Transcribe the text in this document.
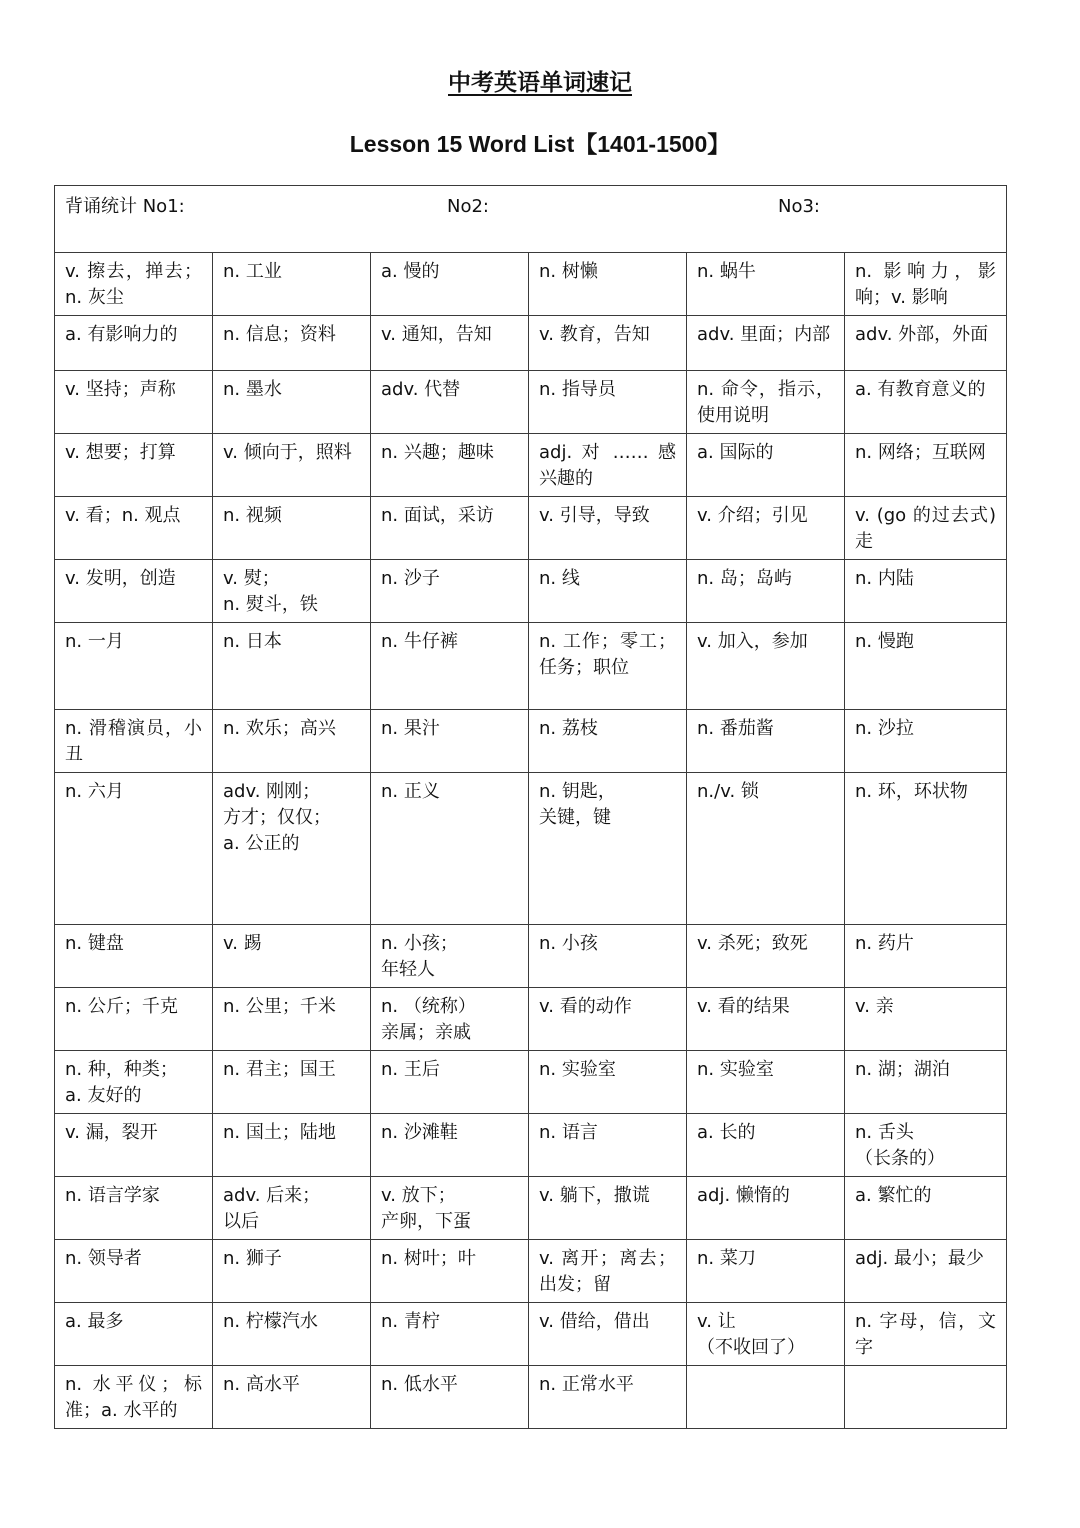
中考英语单词速记
Lesson 15 Word List【1401-1500】
背诵统计 No1: No2: No3:					

v. 擦去，掸去；n. 灰尘	n. 工业	a. 慢的	n. 树懒	n. 蜗牛	n. 影响力，影响；v. 影响

a. 有影响力的	n. 信息；资料	v. 通知，告知	v. 教育，告知	adv. 里面；内部	adv. 外部，外面

v. 坚持；声称	n. 墨水	adv. 代替	n. 指导员	n. 命令，指示，使用说明	a. 有教育意义的

v. 想要；打算	v. 倾向于，照料	n. 兴趣；趣味	adj. 对 …… 感兴趣的	a. 国际的	n. 网络；互联网

v. 看；n. 观点	n. 视频	n. 面试，采访	v. 引导，导致	v. 介绍；引见	v. (go 的过去式) 走

v. 发明，创造	v. 熨；
n. 熨斗，铁	n. 沙子	n. 线	n. 岛；岛屿	n. 内陆

n. 一月	n. 日本	n. 牛仔裤	n. 工作；零工；任务；职位	v. 加入，参加	n. 慢跑

n. 滑稽演员，小丑	n. 欢乐；高兴	n. 果汁	n. 荔枝	n. 番茄酱	n. 沙拉

n. 六月	adv. 刚刚；
方才；仅仅；
a. 公正的	n. 正义	n. 钥匙，
关键，键	n./v. 锁	n. 环，环状物

n. 键盘	v. 踢	n. 小孩；
年轻人	n. 小孩	v. 杀死；致死	n. 药片

n. 公斤；千克	n. 公里；千米	n. （统称）
亲属；亲戚	v. 看的动作	v. 看的结果	v. 亲

n. 种，种类；
a. 友好的	n. 君主；国王	n. 王后	n. 实验室	n. 实验室	n. 湖；湖泊

v. 漏，裂开	n. 国土；陆地	n. 沙滩鞋	n. 语言	a. 长的	n. 舌头
（长条的）

n. 语言学家	adv. 后来；
以后	v. 放下；
产卵，下蛋	v. 躺下，撒谎	adj. 懒惰的	a. 繁忙的

n. 领导者	n. 狮子	n. 树叶；叶	v. 离开；离去；出发；留	n. 菜刀	adj. 最小；最少

a. 最多	n. 柠檬汽水	n. 青柠	v. 借给，借出	v. 让
（不收回了）	n. 字母，信，文字

n. 水平仪；标准；a. 水平的	n. 高水平	n. 低水平	n. 正常水平		
